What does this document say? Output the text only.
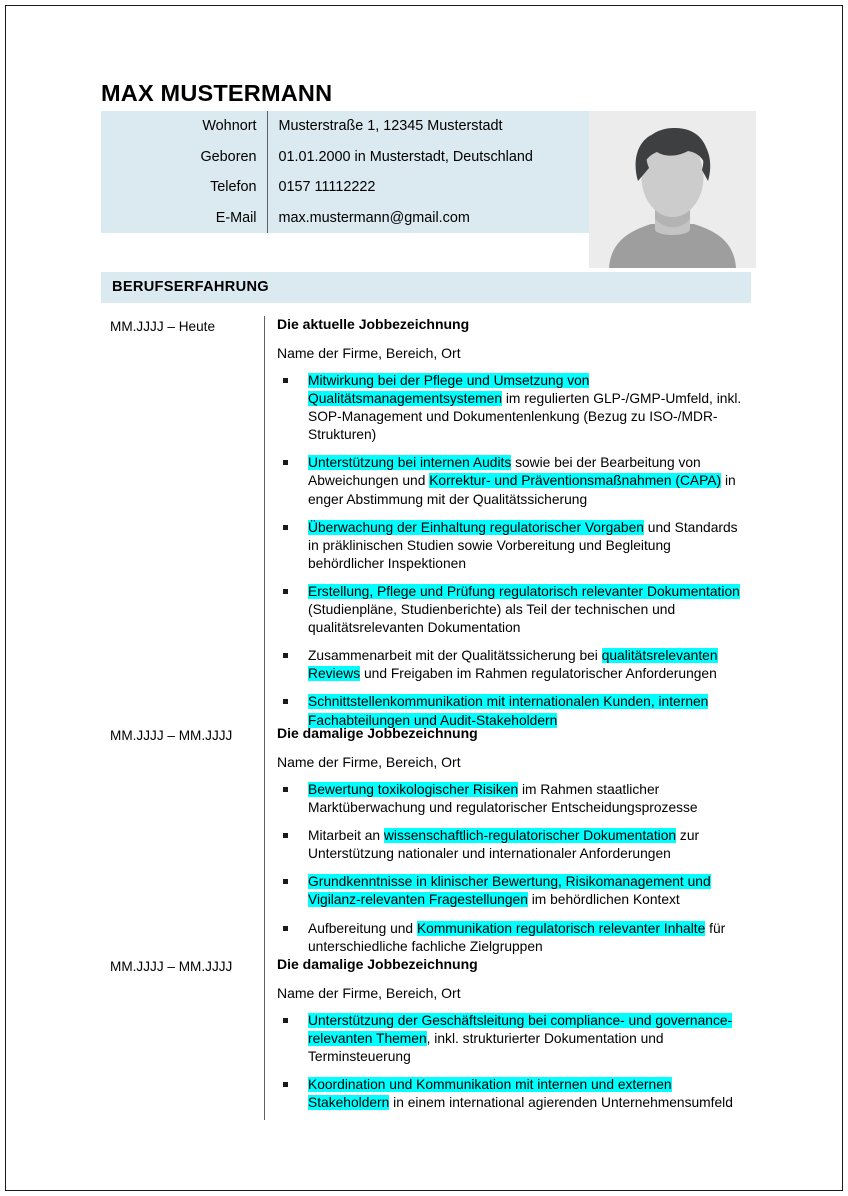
MAX MUSTERMANN
Wohnort	Musterstraße 1, 12345 Musterstadt
Geboren	01.01.2000 in Musterstadt, Deutschland
Telefon	0157 11112222
E-Mail	max.mustermann@gmail.com
BERUFSERFAHRUNG
MM.JJJJ – Heute	Die aktuelle Jobbezeichnung
Name der Firme, Bereich, Ort
Mitwirkung bei der Pflege und Umsetzung von Qualitätsmanagementsystemen im regulierten GLP-/GMP-Umfeld, inkl. SOP-Management und Dokumentenlenkung (Bezug zu ISO-/MDR-Strukturen)
Unterstützung bei internen Audits sowie bei der Bearbeitung von Abweichungen und Korrektur- und Präventionsmaßnahmen (CAPA) in enger Abstimmung mit der Qualitätssicherung
Überwachung der Einhaltung regulatorischer Vorgaben und Standards in präklinischen Studien sowie Vorbereitung und Begleitung behördlicher Inspektionen
Erstellung, Pflege und Prüfung regulatorisch relevanter Dokumentation (Studienpläne, Studienberichte) als Teil der technischen und qualitätsrelevanten Dokumentation
Zusammenarbeit mit der Qualitätssicherung bei qualitätsrelevanten Reviews und Freigaben im Rahmen regulatorischer Anforderungen
Schnittstellenkommunikation mit internationalen Kunden, internen Fachabteilungen und Audit-Stakeholdern
MM.JJJJ – MM.JJJJ	Die damalige Jobbezeichnung
Name der Firme, Bereich, Ort
Bewertung toxikologischer Risiken im Rahmen staatlicher Marktüberwachung und regulatorischer Entscheidungsprozesse
Mitarbeit an wissenschaftlich-regulatorischer Dokumentation zur Unterstützung nationaler und internationaler Anforderungen
Grundkenntnisse in klinischer Bewertung, Risikomanagement und Vigilanz-relevanten Fragestellungen im behördlichen Kontext
Aufbereitung und Kommunikation regulatorisch relevanter Inhalte für unterschiedliche fachliche Zielgruppen
MM.JJJJ – MM.JJJJ	Die damalige Jobbezeichnung
Name der Firme, Bereich, Ort
Unterstützung der Geschäftsleitung bei compliance- und governance-relevanten Themen, inkl. strukturierter Dokumentation und Terminsteuerung
Koordination und Kommunikation mit internen und externen Stakeholdern in einem international agierenden Unternehmensumfeld
